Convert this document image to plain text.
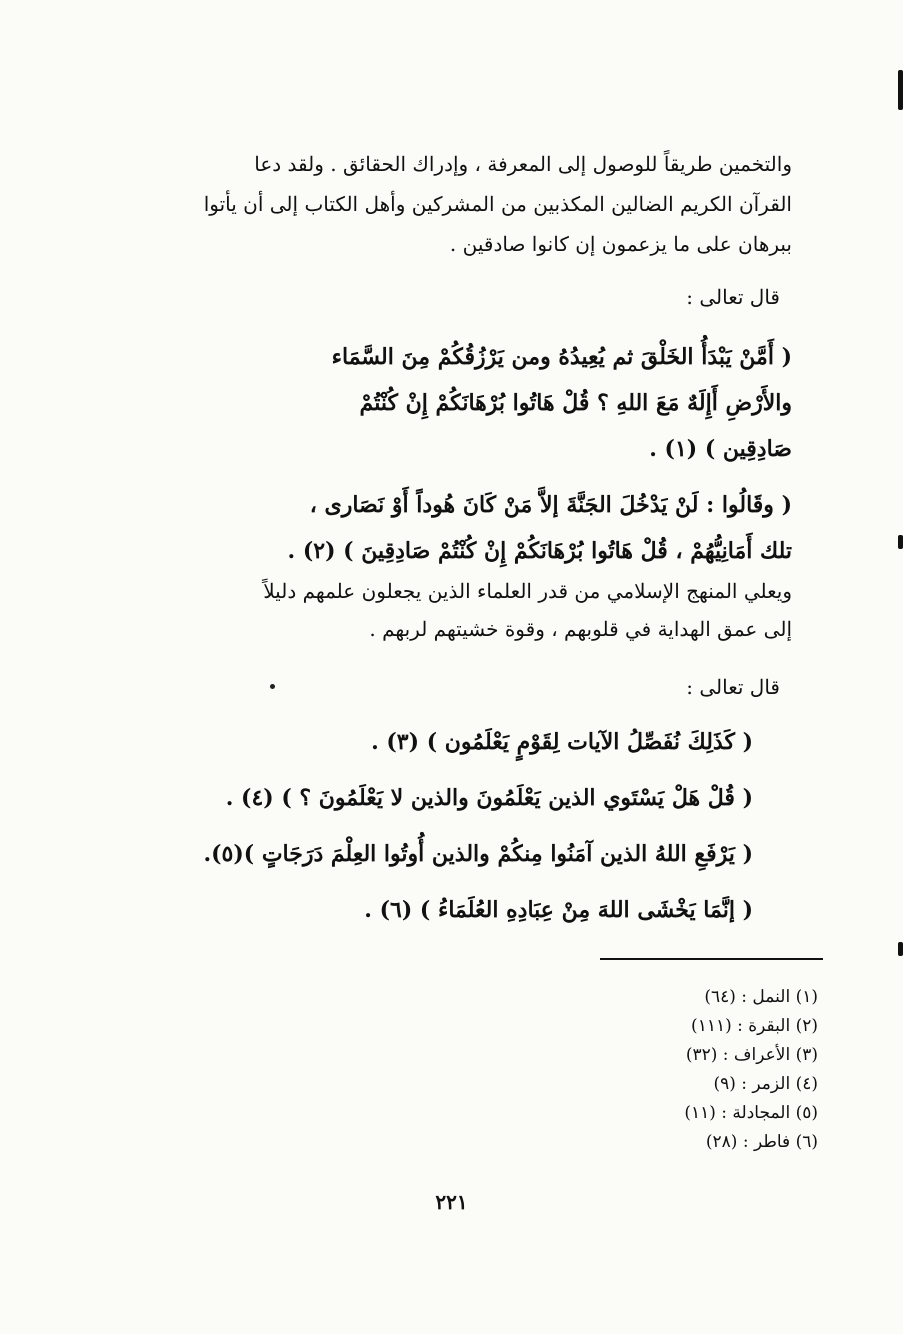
والتخمين طريقاً للوصول إلى المعرفة ، وإدراك الحقائق . ولقد دعا
القرآن الكريم الضالين المكذبين من المشركين وأهل الكتاب إلى أن يأتوا
ببرهان على ما يزعمون إن كانوا صادقين .
قال تعالى :
( أَمَّنْ يَبْدَأُ الخَلْقَ ثم يُعِيدُهُ ومن يَرْزُقُكُمْ مِنَ السَّمَاء
والأَرْضِ أَإِلَهٌ مَعَ اللهِ ؟ قُلْ هَاتُوا بُرْهَانَكُمْ إِنْ كُنْتُمْ
صَادِقِين ) (١) .
( وقَالُوا : لَنْ يَدْخُلَ الجَنَّةَ إلاَّ مَنْ كَانَ هُوداً أَوْ نَصَارى ،
تلك أَمَانِيُّهُمْ ، قُلْ هَاتُوا بُرْهَانَكُمْ إِنْ كُنْتُمْ صَادِقِينَ ) (٢) .
ويعلي المنهج الإسلامي من قدر العلماء الذين يجعلون علمهم دليلاً
إلى عمق الهداية في قلوبهم ، وقوة خشيتهم لربهم .
قال تعالى :
( كَذَلِكَ نُفَصِّلُ الآيات لِقَوْمٍ يَعْلَمُون ) (٣) .
( قُلْ هَلْ يَسْتَوي الذين يَعْلَمُونَ والذين لا يَعْلَمُونَ ؟ ) (٤) .
( يَرْفَعِ اللهُ الذين آمَنُوا مِنكُمْ والذين أُوتُوا العِلْمَ دَرَجَاتٍ )(٥).
( إنَّمَا يَخْشَى اللهَ مِنْ عِبَادِهِ العُلَمَاءُ ) (٦) .
(١) النمل : (٦٤)
(٢) البقرة : (١١١)
(٣) الأعراف : (٣٢)
(٤) الزمر : (٩)
(٥) المجادلة : (١١)
(٦) فاطر : (٢٨)
٢٢١
